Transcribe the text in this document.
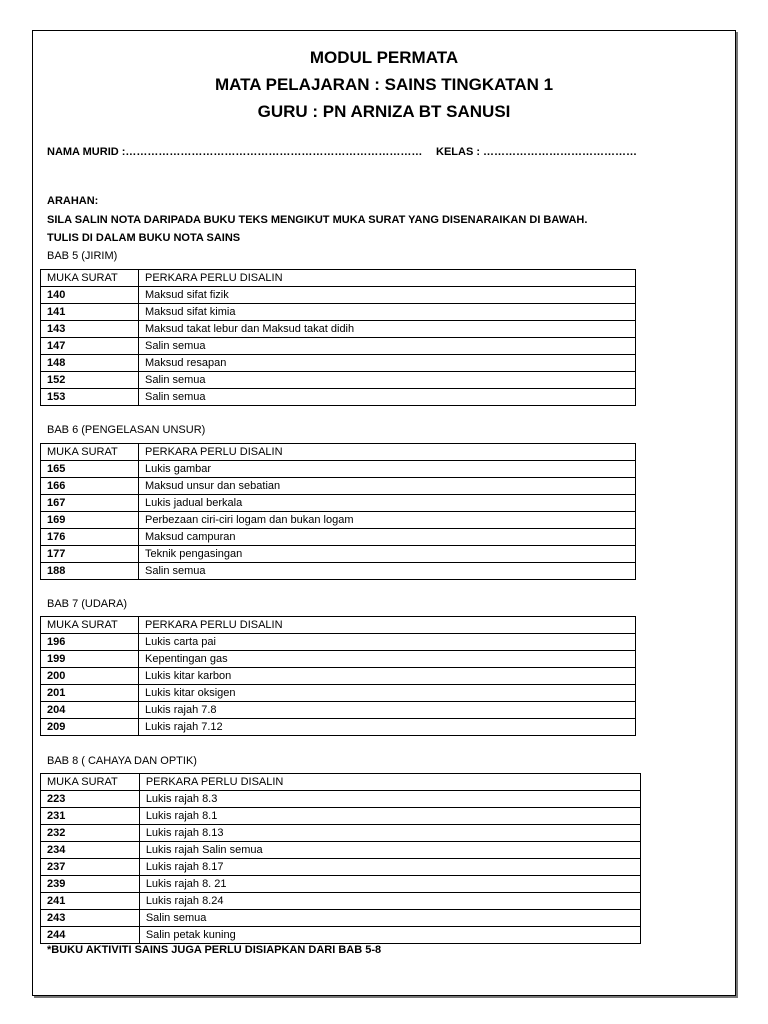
MODUL PERMATA
MATA PELAJARAN : SAINS TINGKATAN 1
GURU : PN ARNIZA BT SANUSI
NAMA MURID :……………………………………………………………………… KELAS : ……………………………………
ARAHAN:
SILA SALIN NOTA DARIPADA BUKU TEKS MENGIKUT MUKA SURAT YANG DISENARAIKAN DI BAWAH.
TULIS DI DALAM BUKU NOTA SAINS
BAB 5 (JIRIM)
MUKA SURAT	PERKARA PERLU DISALIN
140	Maksud sifat fizik
141	Maksud sifat kimia
143	Maksud takat lebur dan Maksud takat didih
147	Salin semua
148	Maksud resapan
152	Salin semua
153	Salin semua
BAB 6 (PENGELASAN UNSUR)
MUKA SURAT	PERKARA PERLU DISALIN
165	Lukis gambar
166	Maksud unsur dan sebatian
167	Lukis jadual berkala
169	Perbezaan ciri-ciri logam dan bukan logam
176	Maksud campuran
177	Teknik pengasingan
188	Salin semua
BAB 7 (UDARA)
MUKA SURAT	PERKARA PERLU DISALIN
196	Lukis carta pai
199	Kepentingan gas
200	Lukis kitar karbon
201	Lukis kitar oksigen
204	Lukis rajah 7.8
209	Lukis rajah 7.12
BAB 8 ( CAHAYA DAN OPTIK)
MUKA SURAT	PERKARA PERLU DISALIN
223	Lukis rajah 8.3
231	Lukis rajah 8.1
232	Lukis rajah 8.13
234	Lukis rajah Salin semua
237	Lukis rajah 8.17
239	Lukis rajah 8. 21
241	Lukis rajah 8.24
243	Salin semua
244	Salin petak kuning
*BUKU AKTIVITI SAINS JUGA PERLU DISIAPKAN DARI BAB 5-8
